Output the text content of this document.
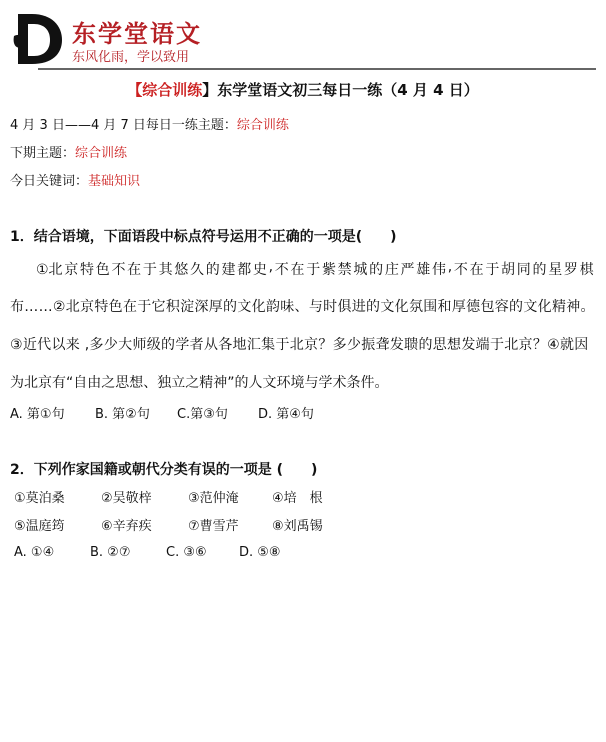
东学堂语文
东风化雨，学以致用
【综合训练】东学堂语文初三每日一练（4 月 4 日）
4 月 3 日——4 月 7 日每日一练主题：综合训练
下期主题：综合训练
今日关键词：基础知识
1．结合语境，下面语段中标点符号运用不正确的一项是(　　)
①北 京 特 色 不 在 于 其 悠 久 的 建 都 史 , 不 在 于 紫 禁 城 的 庄 严 雄 伟 , 不 在 于 胡 同 的 星 罗 棋
布……②北京特色在于它积淀深厚的文化韵味、与时俱进的文化氛围和厚德包容的文化精神。
③近代以来 ,多少大师级的学者从各地汇集于北京？多少振聋发聩的思想发端于北京？④就因
为北京有“自由之思想、独立之精神”的人文环境与学术条件。
A. 第①句 B. 第②句 C.第③句 D. 第④句
2．下列作家国籍或朝代分类有误的一项是 (　　)
①莫泊桑	②吴敬梓	③范仲淹	④培　根
⑤温庭筠	⑥辛弃疾	⑦曹雪芹	⑧刘禹锡
A. ①④	B. ②⑦	C. ③⑥ D. ⑤⑧
